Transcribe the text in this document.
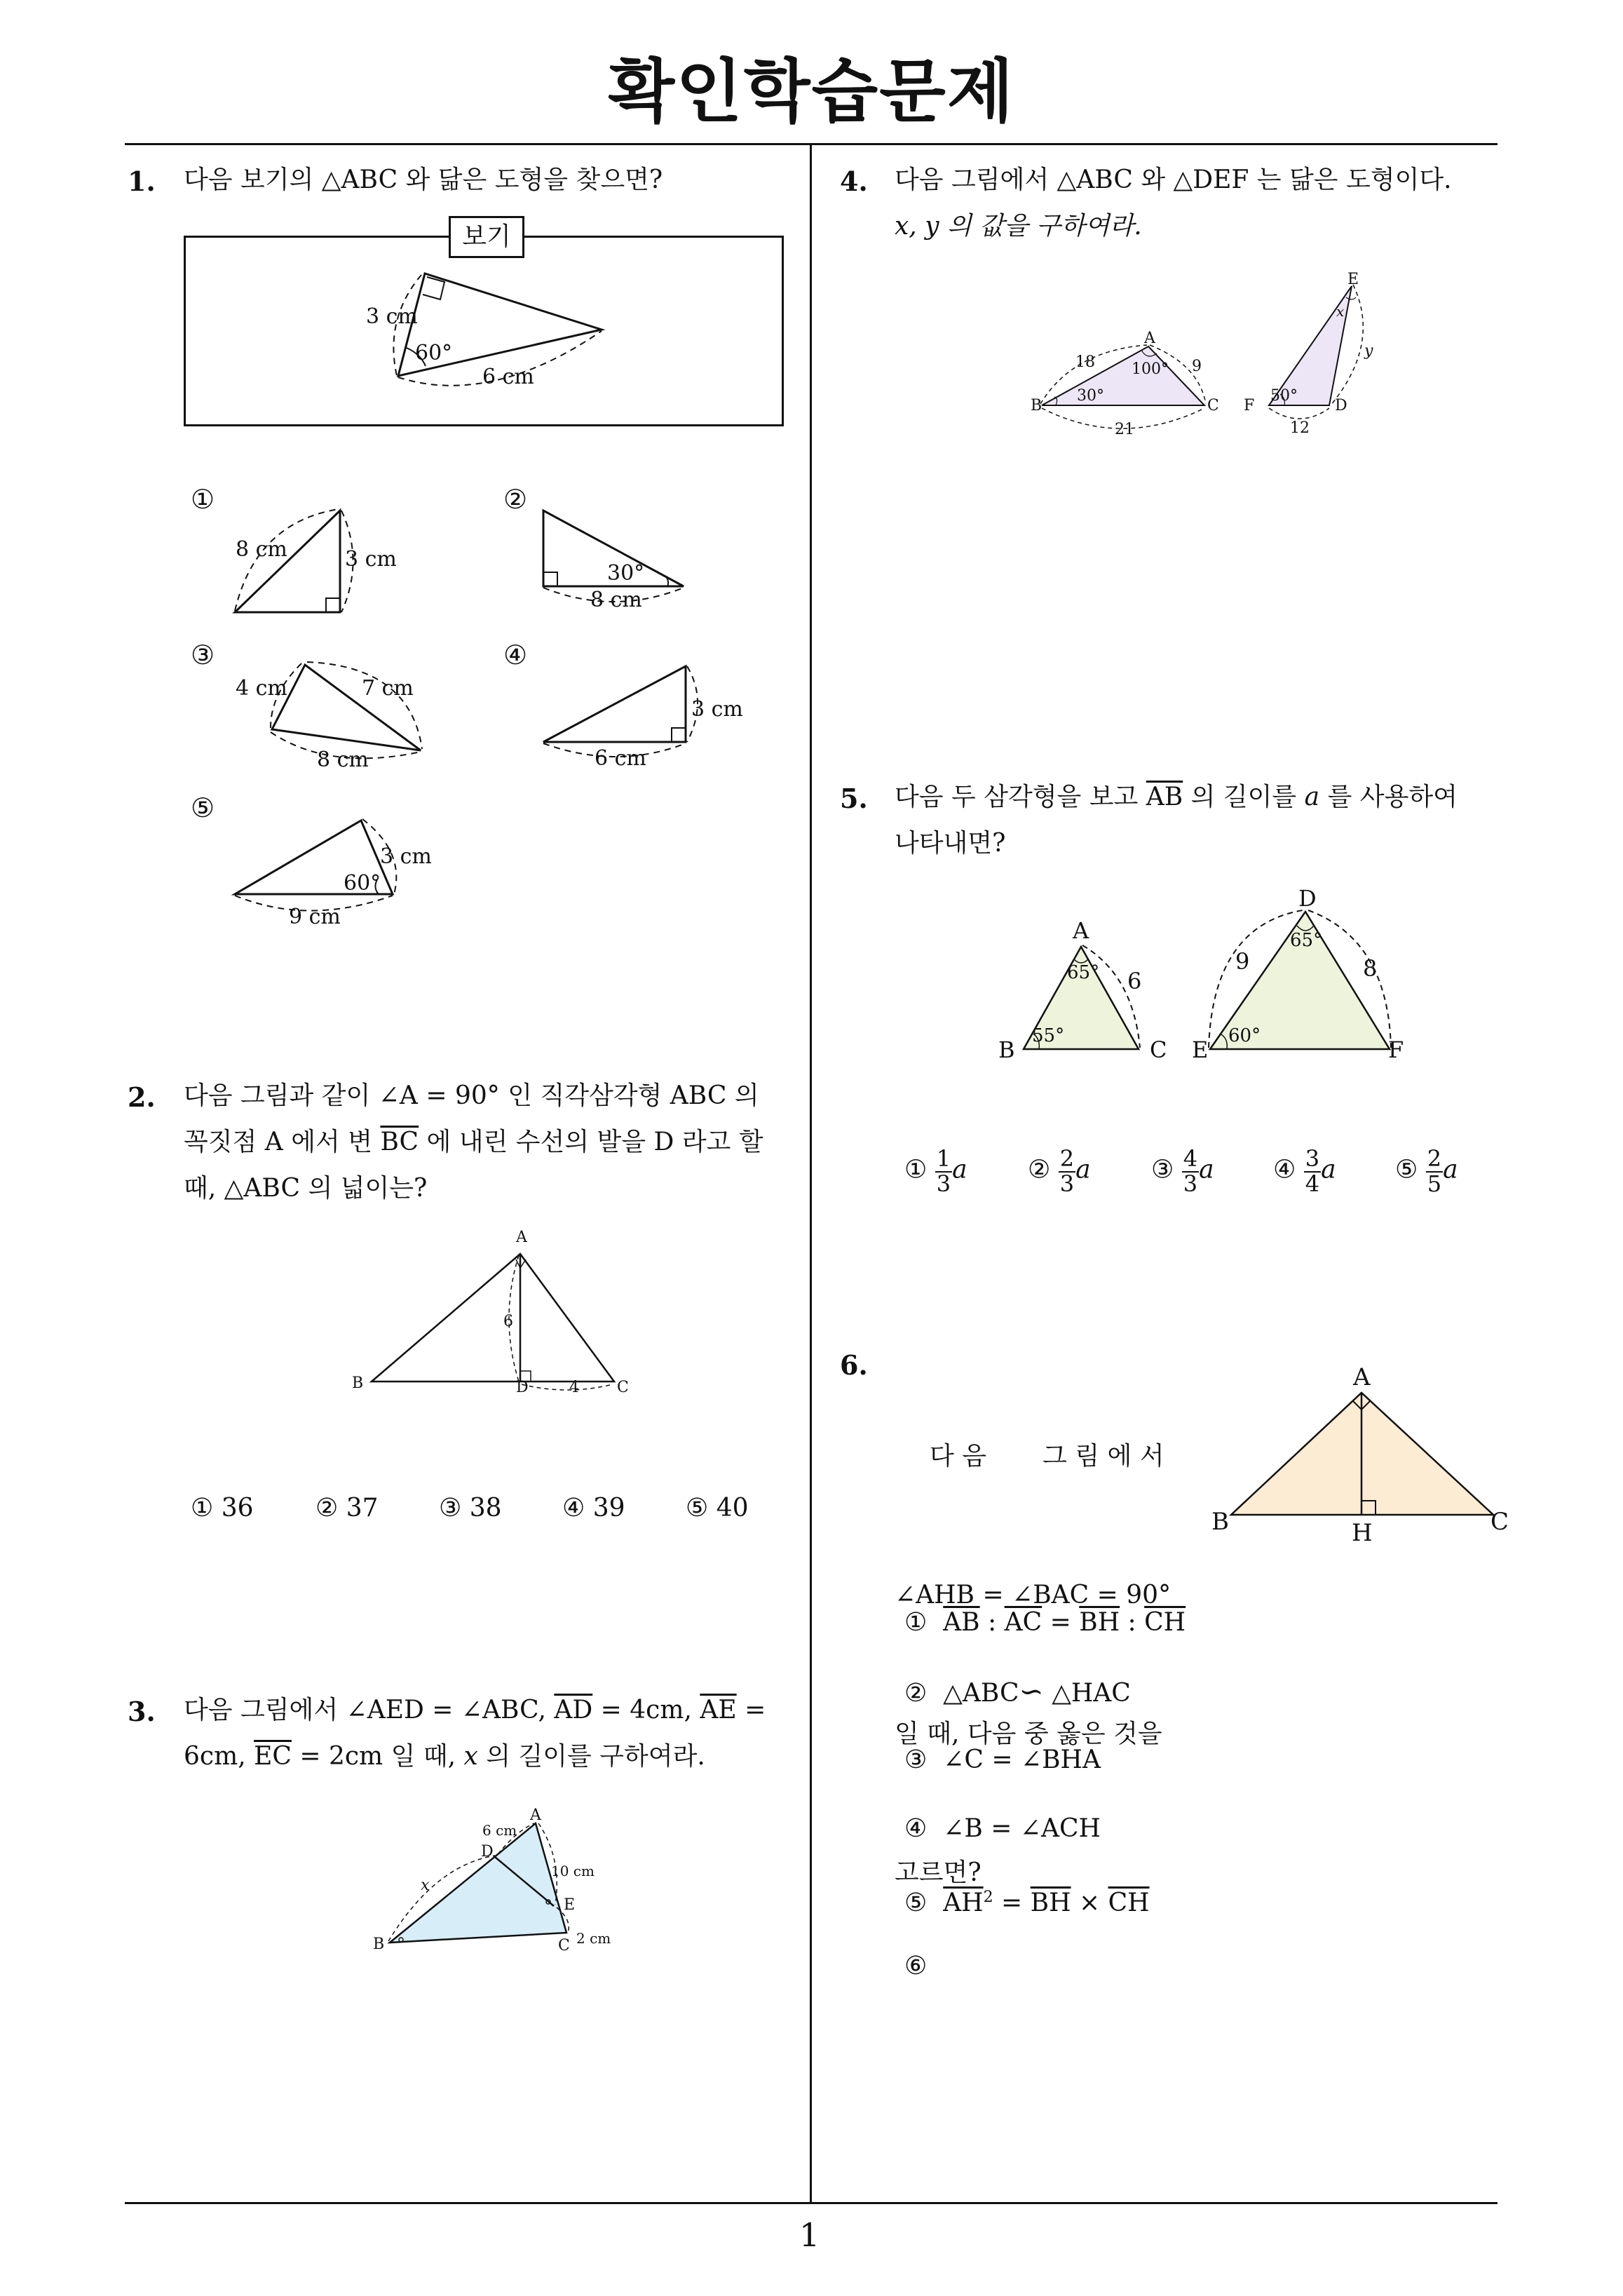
확인학습문제
1
1. 다음 보기의 △ABC 와 닮은 도형을 찾으면?
보기
3 cm
60°
6 cm
①
8 cm	3 cm
②
30°
8 cm
③
4 cm	7 cm
8 cm
④
3 cm
6 cm
⑤
3 cm
60°
9 cm
2. 다음 그림과 같이 ∠A = 90° 인 직각삼각형 ABC 의
꼭짓점 A 에서 변 $\overline{BC}$ 에 내린 수선의 발을 D 라고 할
때, △ABC 의 넓이는?
A
B	C
D
6
4
① 36 ② 37 ③ 38 ④ 39 ⑤ 40
3. 다음 그림에서 ∠AED = ∠ABC, $\overline{AD} = 4cm$, $\overline{AE}$ =
6cm, $\overline{EC} = 2cm$ 일 때, x 의 길이를 구하여라.
A
B	C
D
E
6 cm
10 cm
2 cm
x
4. 다음 그림에서 △ABC 와 △DEF 는 닮은 도형이다.
x, y 의 값을 구하여라.
A
B	C	D
E
F
18	9
21
100°
30°	50°
12
x
y
5. 다음 두 삼각형을 보고 $\overline{AB}$ 의 길이를 a 를 사용하여
나타내면?
A
B	C
D
E	F
65°
55°
6
65°
60°
9	8
① $\frac{1}{3}$ a ② $\frac{2}{3}$ a ③ $\frac{4}{3}$ a ④ $\frac{3}{4}$ a ⑤ $\frac{2}{5}$ a
6.

다 음       그 림 에 서

∠AHB = ∠BAC = 90°

일 때, 다음 중 옳은 것을

고르면?

A
B	C
H
① $\overline{AB}$ : $\overline{AC} = \overline{BH}$ : $\overline{CH}$
② △ABC∽ △HAC
③ ∠C = ∠BHA
④ ∠B = ∠ACH
⑤ $\overline{AH}^2 = \overline{BH} \times \overline{CH}$
⑥
